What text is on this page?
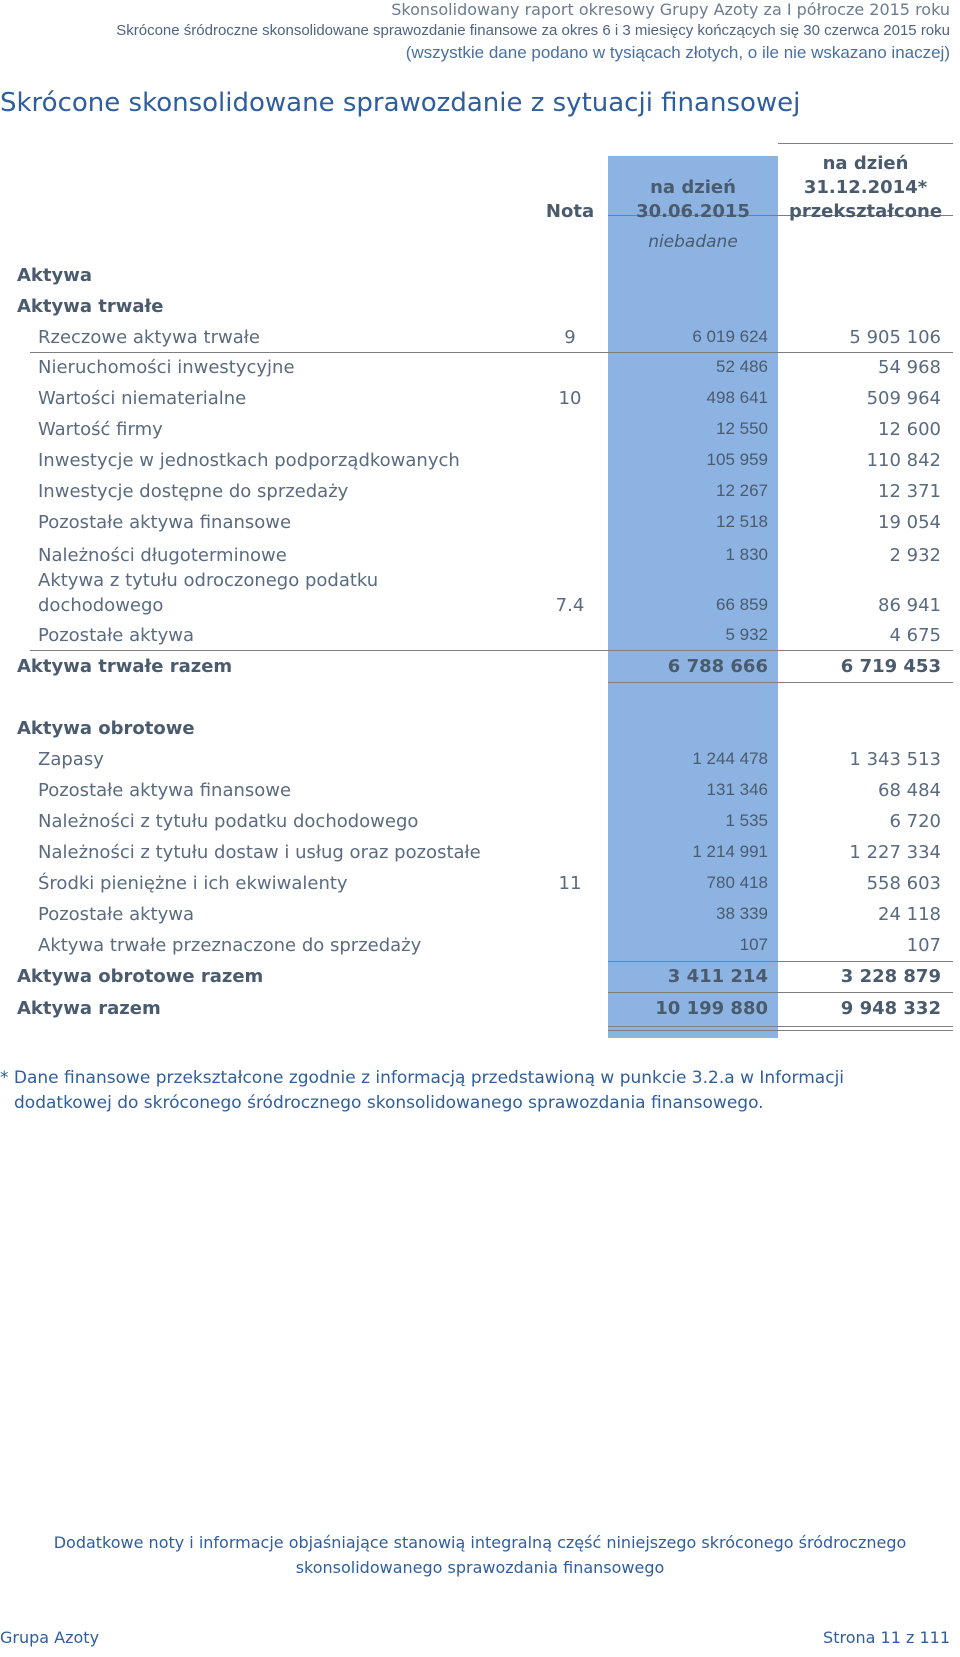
Skonsolidowany raport okresowy Grupy Azoty za I półrocze 2015 roku
Skrócone śródroczne skonsolidowane sprawozdanie finansowe za okres 6 i 3 miesięcy kończących się 30 czerwca 2015 roku
(wszystkie dane podano w tysiącach złotych, o ile nie wskazano inaczej)
Skrócone skonsolidowane sprawozdanie z sytuacji finansowej
Nota
na dzień
30.06.2015
na dzień
31.12.2014*
przekształcone
niebadane
Aktywa
Aktywa trwałe
Rzeczowe aktywa trwałe	9	6 019 624	5 905 106
Nieruchomości inwestycyjne	52 486	54 968
Wartości niematerialne	10	498 641	509 964
Wartość firmy	12 550	12 600
Inwestycje w jednostkach podporządkowanych	105 959	110 842
Inwestycje dostępne do sprzedaży	12 267	12 371
Pozostałe aktywa finansowe	12 518	19 054
Należności długoterminowe	1 830	2 932
Aktywa z tytułu odroczonego podatku
dochodowego	7.4	66 859	86 941
Pozostałe aktywa	5 932	4 675
Aktywa trwałe razem	6 788 666	6 719 453
Aktywa obrotowe
Zapasy	1 244 478	1 343 513
Pozostałe aktywa finansowe	131 346	68 484
Należności z tytułu podatku dochodowego	1 535	6 720
Należności z tytułu dostaw i usług oraz pozostałe	1 214 991	1 227 334
Środki pieniężne i ich ekwiwalenty	11	780 418	558 603
Pozostałe aktywa	38 339	24 118
Aktywa trwałe przeznaczone do sprzedaży	107	107
Aktywa obrotowe razem	3 411 214	3 228 879
Aktywa razem	10 199 880	9 948 332
* Dane finansowe przekształcone zgodnie z informacją przedstawioną w punkcie 3.2.a w Informacji
dodatkowej do skróconego śródrocznego skonsolidowanego sprawozdania finansowego.
Dodatkowe noty i informacje objaśniające stanowią integralną część niniejszego skróconego śródrocznego
skonsolidowanego sprawozdania finansowego
Grupa Azoty	Strona 11 z 111
